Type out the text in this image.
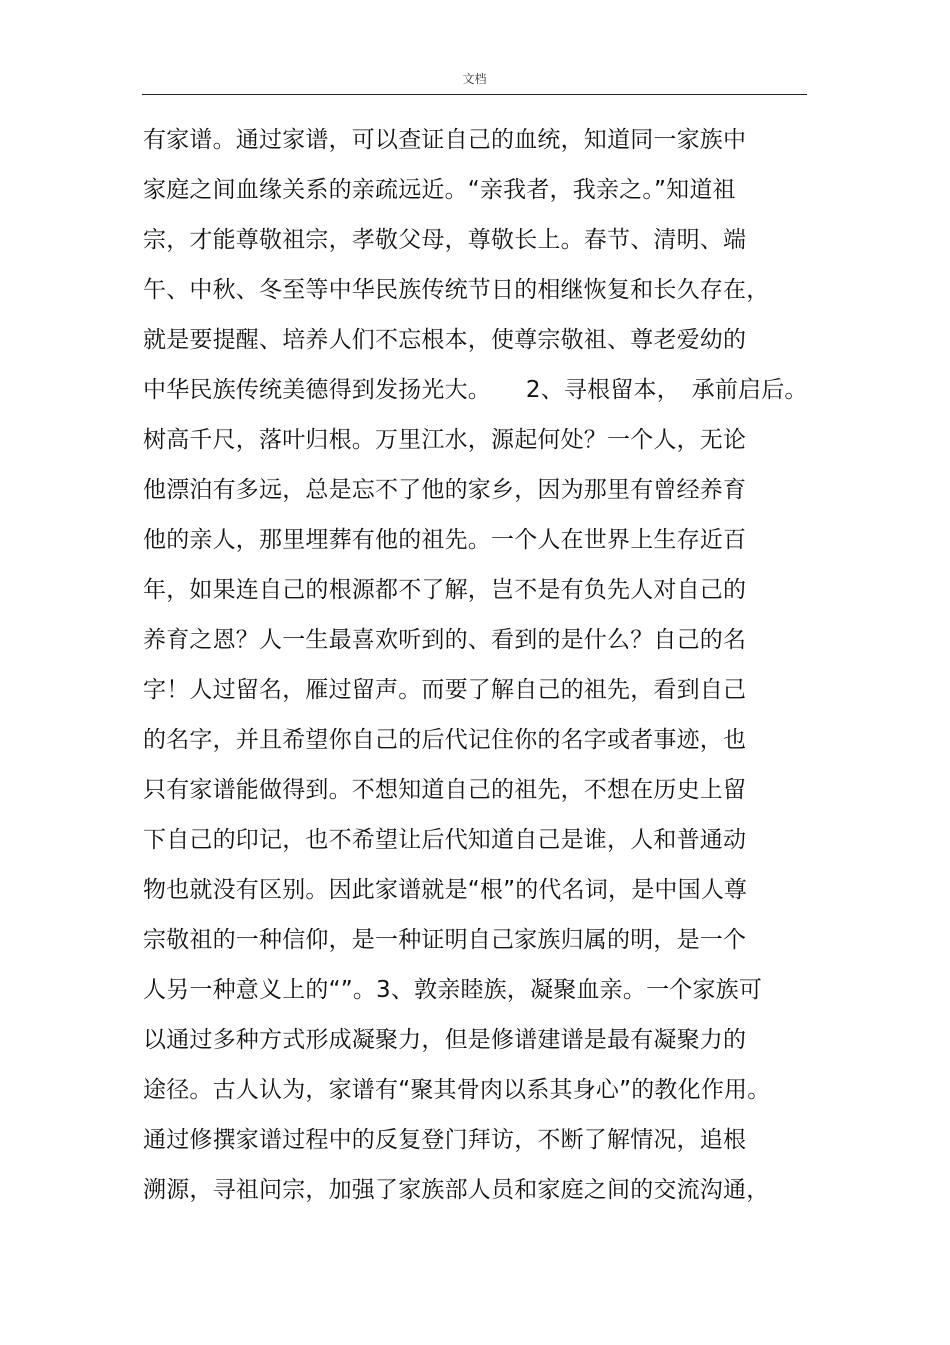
文档
有家谱。通过家谱，可以查证自己的血统，知道同一家族中
家庭之间血缘关系的亲疏远近。“亲我者，我亲之。”知道祖
宗，才能尊敬祖宗，孝敬父母，尊敬长上。春节、清明、端
午、中秋、冬至等中华民族传统节日的相继恢复和长久存在，
就是要提醒、培养人们不忘根本，使尊宗敬祖、尊老爱幼的
中华民族传统美德得到发扬光大。　　2、寻根留本，　承前启后。
树高千尺，落叶归根。万里江水，源起何处？一个人，无论
他漂泊有多远，总是忘不了他的家乡，因为那里有曾经养育
他的亲人，那里埋葬有他的祖先。一个人在世界上生存近百
年，如果连自己的根源都不了解，岂不是有负先人对自己的
养育之恩？人一生最喜欢听到的、看到的是什么？自己的名
字！人过留名，雁过留声。而要了解自己的祖先，看到自己
的名字，并且希望你自己的后代记住你的名字或者事迹，也
只有家谱能做得到。不想知道自己的祖先，不想在历史上留
下自己的印记，也不希望让后代知道自己是谁，人和普通动
物也就没有区别。因此家谱就是“根”的代名词，是中国人尊
宗敬祖的一种信仰，是一种证明自己家族归属的明，是一个
人另一种意义上的“”。3、敦亲睦族，凝聚血亲。一个家族可
以通过多种方式形成凝聚力，但是修谱建谱是最有凝聚力的
途径。古人认为，家谱有“聚其骨肉以系其身心”的教化作用。
通过修撰家谱过程中的反复登门拜访，不断了解情况，追根
溯源，寻祖问宗，加强了家族部人员和家庭之间的交流沟通，
